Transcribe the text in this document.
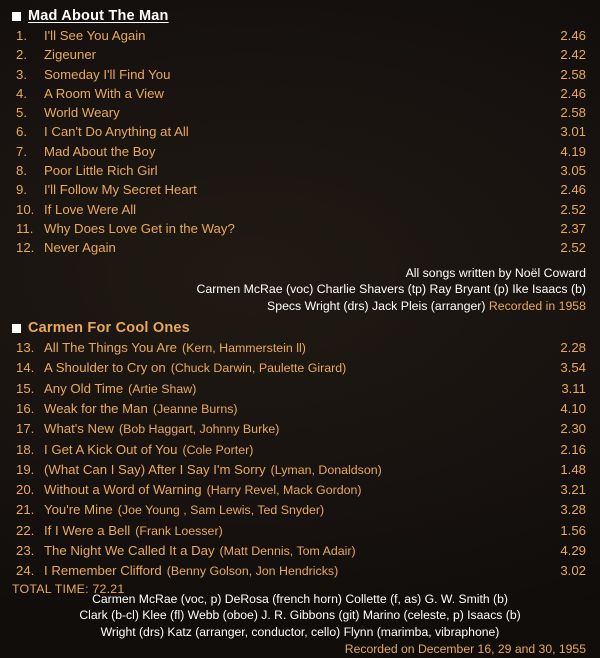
Mad About The Man
1.	I'll See You Again	2.46
2.	Zigeuner	2.42
3.	Someday I'll Find You	2.58
4.	A Room With a View	2.46
5.	World Weary	2.58
6.	I Can't Do Anything at All	3.01
7.	Mad About the Boy	4.19
8.	Poor Little Rich Girl	3.05
9.	I'll Follow My Secret Heart	2.46
10. If Love Were All	2.52
11. Why Does Love Get in the Way?	2.37
12. Never Again	2.52
All songs written by Noël Coward
Carmen McRae (voc) Charlie Shavers (tp) Ray Bryant (p) Ike Isaacs (b)
Specs Wright (drs) Jack Pleis (arranger) Recorded in 1958
Carmen For Cool Ones
13. All The Things You Are (Kern, Hammerstein ll)	2.28
14. A Shoulder to Cry on (Chuck Darwin, Paulette Girard)	3.54
15. Any Old Time (Artie Shaw)	3.11
16. Weak for the Man (Jeanne Burns)	4.10
17. What's New (Bob Haggart, Johnny Burke)	2.30
18. I Get A Kick Out of You (Cole Porter)	2.16
19. (What Can I Say) After I Say I'm Sorry (Lyman, Donaldson)	1.48
20. Without a Word of Warning (Harry Revel, Mack Gordon)	3.21
21. You're Mine (Joe Young , Sam Lewis, Ted Snyder)	3.28
22. If I Were a Bell (Frank Loesser)	1.56
23. The Night We Called It a Day (Matt Dennis, Tom Adair)	4.29
24. I Remember Clifford (Benny Golson, Jon Hendricks)	3.02
Carmen McRae (voc, p) DeRosa (french horn) Collette (f, as) G. W. Smith (b)
Clark (b-cl) Klee (fl) Webb (oboe) J. R. Gibbons (git) Marino (celeste, p) Isaacs (b)
Wright (drs) Katz (arranger, conductor, cello) Flynn (marimba, vibraphone)
Recorded on December 16, 29 and 30, 1955
TOTAL TIME: 72.21
